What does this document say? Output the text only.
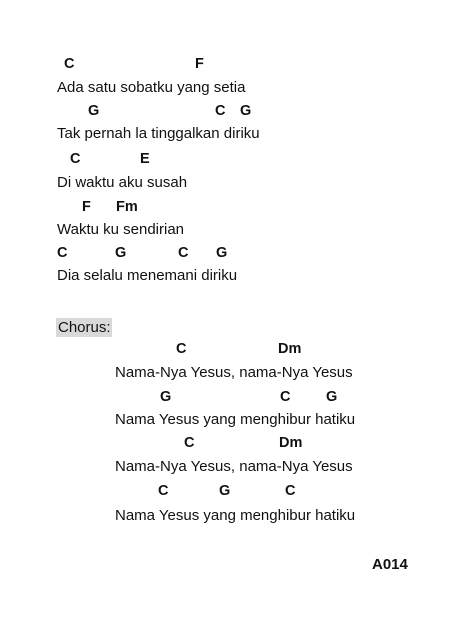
C	F
Ada satu sobatku yang setia
G	C G
Tak pernah la tinggalkan diriku
C	E
Di waktu aku susah
F Fm
Waktu ku sendirian
C	G	C G
Dia selalu menemani diriku
Chorus:
C	Dm
Nama-Nya Yesus, nama-Nya Yesus
G	C G
Nama Yesus yang menghibur hatiku
C	Dm
Nama-Nya Yesus, nama-Nya Yesus
C	G	C
Nama Yesus yang menghibur hatiku
A014
